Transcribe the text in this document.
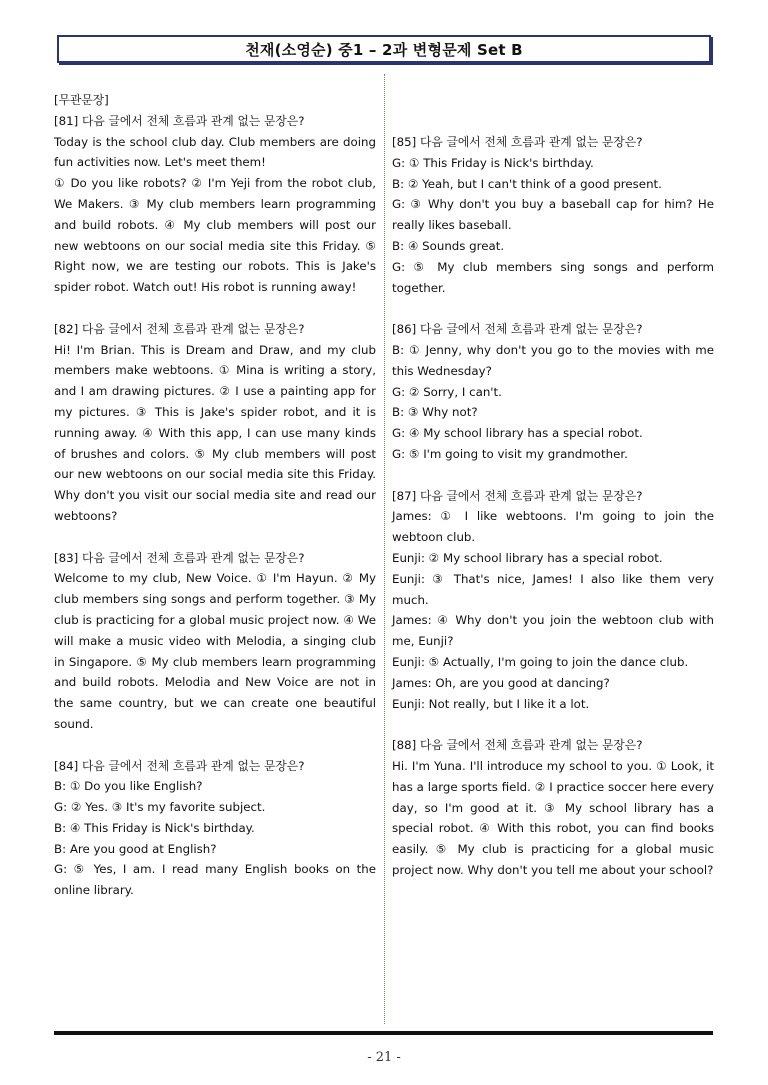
천재(소영순) 중1 – 2과 변형문제 Set B

[무관문장]

[81] 다음 글에서 전체 흐름과 관계 없는 문장은?

Today is the school club day. Club members are doing fun activities now. Let's meet them!

① Do you like robots? ② I'm Yeji from the robot club, We Makers. ③ My club members learn programming and build robots. ④ My club members will post our new webtoons on our social media site this Friday. ⑤ Right now, we are testing our robots. This is Jake's spider robot. Watch out! His robot is running away!

[82] 다음 글에서 전체 흐름과 관계 없는 문장은?

Hi! I'm Brian. This is Dream and Draw, and my club members make webtoons. ① Mina is writing a story, and I am drawing pictures. ② I use a painting app for my pictures. ③ This is Jake's spider robot, and it is running away. ④ With this app, I can use many kinds of brushes and colors. ⑤ My club members will post our new webtoons on our social media site this Friday. Why don't you visit our social media site and read our webtoons?

[83] 다음 글에서 전체 흐름과 관계 없는 문장은?

Welcome to my club, New Voice. ① I'm Hayun. ② My club members sing songs and perform together. ③ My club is practicing for a global music project now. ④ We will make a music video with Melodia, a singing club in Singapore. ⑤ My club members learn programming and build robots. Melodia and New Voice are not in the same country, but we can create one beautiful sound.

[84] 다음 글에서 전체 흐름과 관계 없는 문장은?

B: ① Do you like English?

G: ② Yes. ③ It's my favorite subject.

B: ④ This Friday is Nick's birthday.

B: Are you good at English?

G: ⑤ Yes, I am. I read many English books on the online library.

[85] 다음 글에서 전체 흐름과 관계 없는 문장은?

G: ① This Friday is Nick's birthday.

B: ② Yeah, but I can't think of a good present.

G: ③ Why don't you buy a baseball cap for him? He really likes baseball.

B: ④ Sounds great.

G: ⑤ My club members sing songs and perform together.

[86] 다음 글에서 전체 흐름과 관계 없는 문장은?

B: ① Jenny, why don't you go to the movies with me this Wednesday?

G: ② Sorry, I can't.

B: ③ Why not?

G: ④ My school library has a special robot.

G: ⑤ I'm going to visit my grandmother.

[87] 다음 글에서 전체 흐름과 관계 없는 문장은?

James: ① I like webtoons. I'm going to join the webtoon club.

Eunji: ② My school library has a special robot.

Eunji: ③ That's nice, James! I also like them very much.

James: ④ Why don't you join the webtoon club with me, Eunji?

Eunji: ⑤ Actually, I'm going to join the dance club.

James: Oh, are you good at dancing?

Eunji: Not really, but I like it a lot.

[88] 다음 글에서 전체 흐름과 관계 없는 문장은?

Hi. I'm Yuna. I'll introduce my school to you. ① Look, it has a large sports field. ② I practice soccer here every day, so I'm good at it. ③ My school library has a special robot. ④ With this robot, you can find books easily. ⑤ My club is practicing for a global music project now. Why don't you tell me about your school?

- 21 -
